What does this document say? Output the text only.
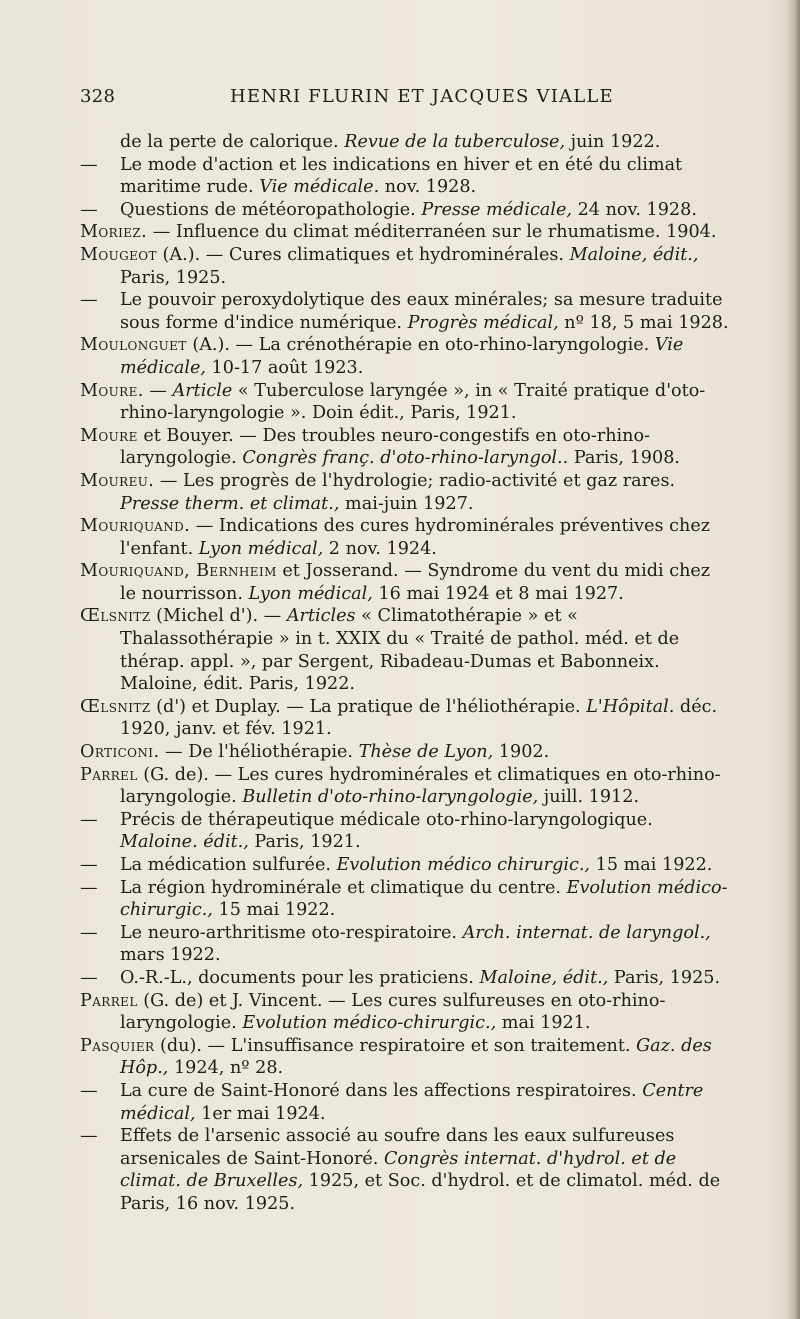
328	HENRI FLURIN ET JACQUES VIALLE

de la perte de calorique. Revue de la tuberculose, juin 1922.

— Le mode d'action et les indications en hiver et en été du climat maritime rude. Vie médicale. nov. 1928.

— Questions de météoropathologie. Presse médicale, 24 nov. 1928.

Moriez. — Influence du climat méditerranéen sur le rhumatisme. 1904.

Mougeot (A.). — Cures climatiques et hydrominérales. Maloine, édit., Paris, 1925.

— Le pouvoir peroxydolytique des eaux minérales; sa mesure traduite sous forme d'indice numérique. Progrès médical, nº 18, 5 mai 1928.

Moulonguet (A.). — La crénothérapie en oto-rhino-laryngologie. Vie médicale, 10-17 août 1923.

Moure. — Article « Tuberculose laryngée », in « Traité pratique d'oto-rhino-laryngologie ». Doin édit., Paris, 1921.

Moure et Bouyer. — Des troubles neuro-congestifs en oto-rhino-laryngologie. Congrès franç. d'oto-rhino-laryngol.. Paris, 1908.

Moureu. — Les progrès de l'hydrologie; radio-activité et gaz rares. Presse therm. et climat., mai-juin 1927.

Mouriquand. — Indications des cures hydrominérales préventives chez l'enfant. Lyon médical, 2 nov. 1924.

Mouriquand, Bernheim et Josserand. — Syndrome du vent du midi chez le nourrisson. Lyon médical, 16 mai 1924 et 8 mai 1927.

Œlsnitz (Michel d'). — Articles « Climatothérapie » et « Thalassothérapie » in t. XXIX du « Traité de pathol. méd. et de thérap. appl. », par Sergent, Ribadeau-Dumas et Babonneix. Maloine, édit. Paris, 1922.

Œlsnitz (d') et Duplay. — La pratique de l'héliothérapie. L'Hôpital. déc. 1920, janv. et fév. 1921.

Orticoni. — De l'héliothérapie. Thèse de Lyon, 1902.

Parrel (G. de). — Les cures hydrominérales et climatiques en oto-rhino-laryngologie. Bulletin d'oto-rhino-laryngologie, juill. 1912.

— Précis de thérapeutique médicale oto-rhino-laryngologique. Maloine. édit., Paris, 1921.

— La médication sulfurée. Evolution médico chirurgic., 15 mai 1922.

— La région hydrominérale et climatique du centre. Evolution médico-chirurgic., 15 mai 1922.

— Le neuro-arthritisme oto-respiratoire. Arch. internat. de laryngol., mars 1922.

— O.-R.-L., documents pour les praticiens. Maloine, édit., Paris, 1925.

Parrel (G. de) et J. Vincent. — Les cures sulfureuses en oto-rhino-laryngologie. Evolution médico-chirurgic., mai 1921.

Pasquier (du). — L'insuffisance respiratoire et son traitement. Gaz. des Hôp., 1924, nº 28.

— La cure de Saint-Honoré dans les affections respiratoires. Centre médical, 1er mai 1924.

— Effets de l'arsenic associé au soufre dans les eaux sulfureuses arsenicales de Saint-Honoré. Congrès internat. d'hydrol. et de climat. de Bruxelles, 1925, et Soc. d'hydrol. et de climatol. méd. de Paris, 16 nov. 1925.
